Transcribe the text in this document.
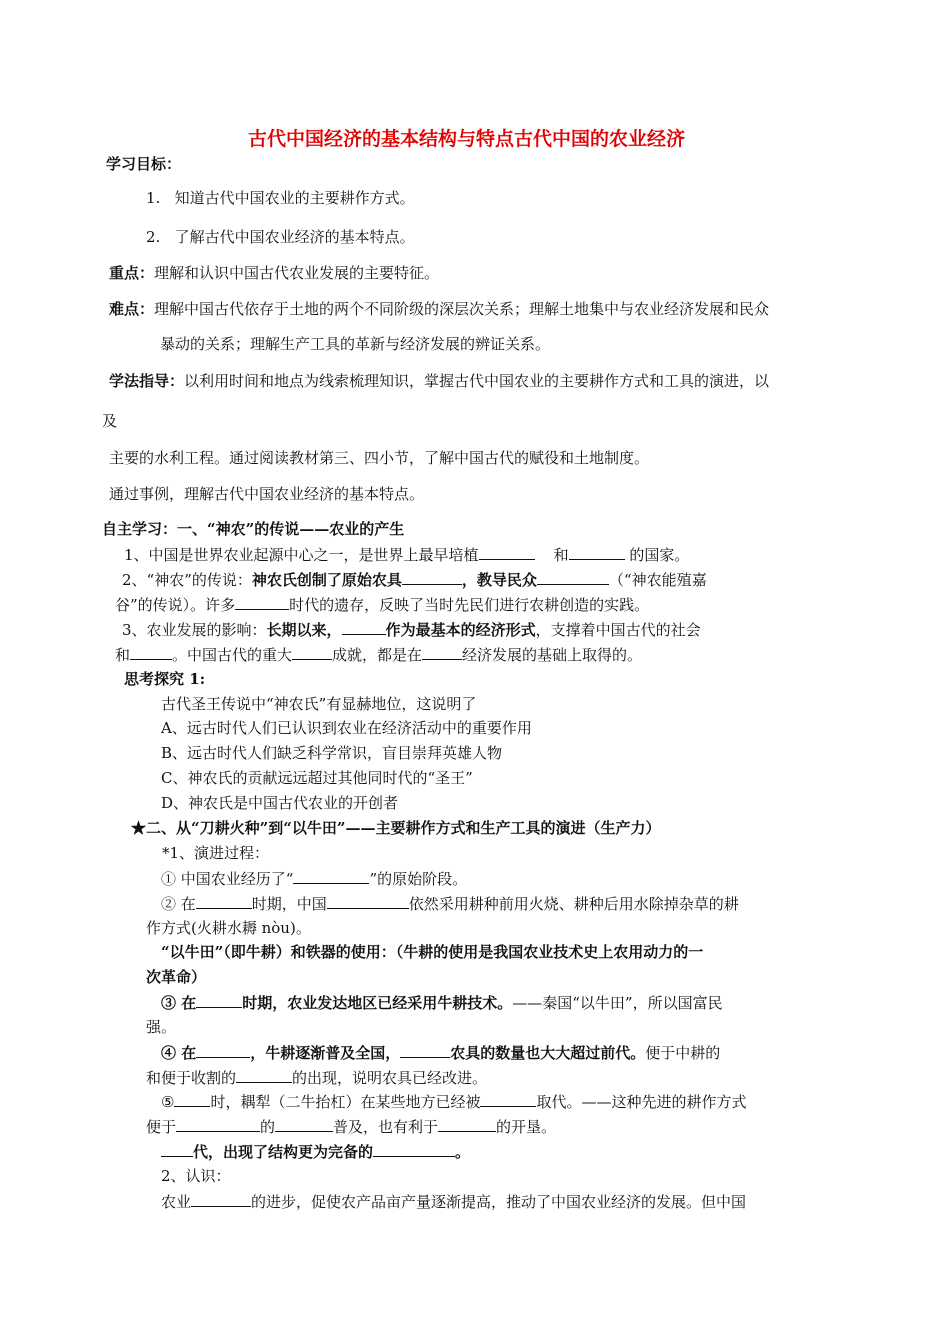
古代中国经济的基本结构与特点古代中国的农业经济
学习目标：
1. 知道古代中国农业的主要耕作方式。
2. 了解古代中国农业经济的基本特点。
重点：理解和认识中国古代农业发展的主要特征。
难点：理解中国古代依存于土地的两个不同阶级的深层次关系；理解土地集中与农业经济发展和民众
暴动的关系；理解生产工具的革新与经济发展的辨证关系。
学法指导：以利用时间和地点为线索梳理知识，掌握古代中国农业的主要耕作方式和工具的演进，以
及
主要的水利工程。通过阅读教材第三、四小节，了解中国古代的赋役和土地制度。
通过事例，理解古代中国农业经济的基本特点。
自主学习：一、“神农”的传说——农业的产生
1、中国是世界农业起源中心之一，是世界上最早培植	和	的国家。
2、“神农”的传说：神农氏创制了原始农具	，教导民众	（“神农能殖嘉
谷”的传说）。许多	时代的遗存，反映了当时先民们进行农耕创造的实践。
3、农业发展的影响：长期以来，	作为最基本的经济形式，支撑着中国古代的社会
和	。中国古代的重大	成就，都是在	经济发展的基础上取得的。
思考探究 1:
古代圣王传说中“神农氏”有显赫地位，这说明了
A、远古时代人们已认识到农业在经济活动中的重要作用
B、远古时代人们缺乏科学常识，盲目崇拜英雄人物
C、神农氏的贡献远远超过其他同时代的“圣王”
D、神农氏是中国古代农业的开创者
★二、从“刀耕火种”到“以牛田”——主要耕作方式和生产工具的演进（生产力）
*1、演进过程：
① 中国农业经历了“	”的原始阶段。
② 在	时期，中国	依然采用耕种前用火烧、耕种后用水除掉杂草的耕
作方式(火耕水耨 nòu)。
“以牛田”（即牛耕）和铁器的使用：（牛耕的使用是我国农业技术史上农用动力的一
次革命）
③ 在	时期，农业发达地区已经采用牛耕技术。——秦国“以牛田”，所以国富民
强。
④ 在	，牛耕逐渐普及全国，	农具的数量也大大超过前代。便于中耕的
和便于收割的	的出现，说明农具已经改进。
⑤ 时，耦犁（二牛抬杠）在某些地方已经被	取代。——这种先进的耕作方式
便于	的	普及，也有利于	的开垦。
代，出现了结构更为完备的	。
2、认识：
农业	的进步，促使农产品亩产量逐渐提高，推动了中国农业经济的发展。但中国
